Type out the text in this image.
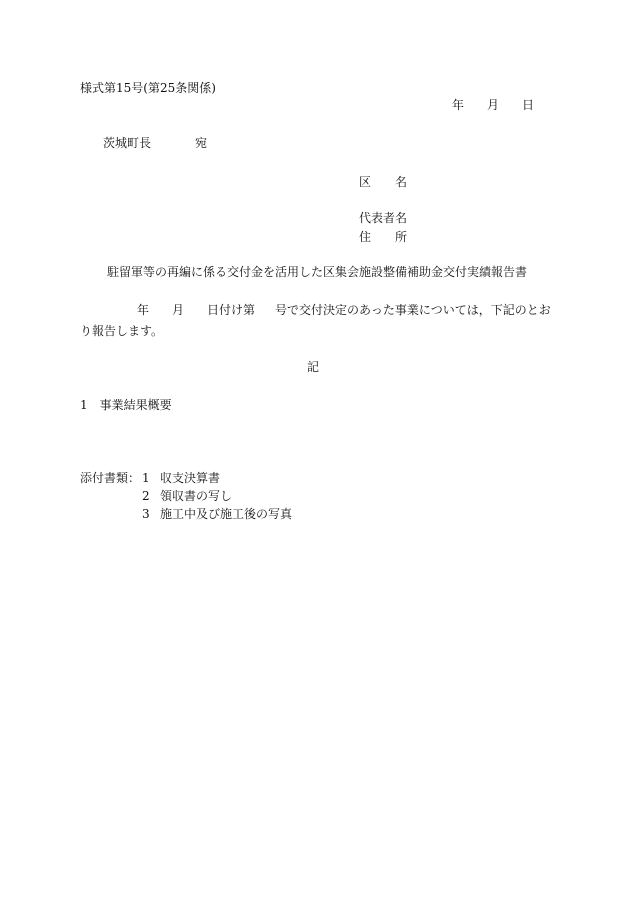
様式第15号(第25条関係)
年 月 日
茨城町長	宛
区　　名
代表者名
住　　所
駐留軍等の再編に係る交付金を活用した区集会施設整備補助金交付実績報告書
年 月 日付け第 号で交付決定のあった事業については，下記のとお
り報告します。
記
1　事業結果概要
添付書類： 1 収支決算書
2 領収書の写し
3 施工中及び施工後の写真
